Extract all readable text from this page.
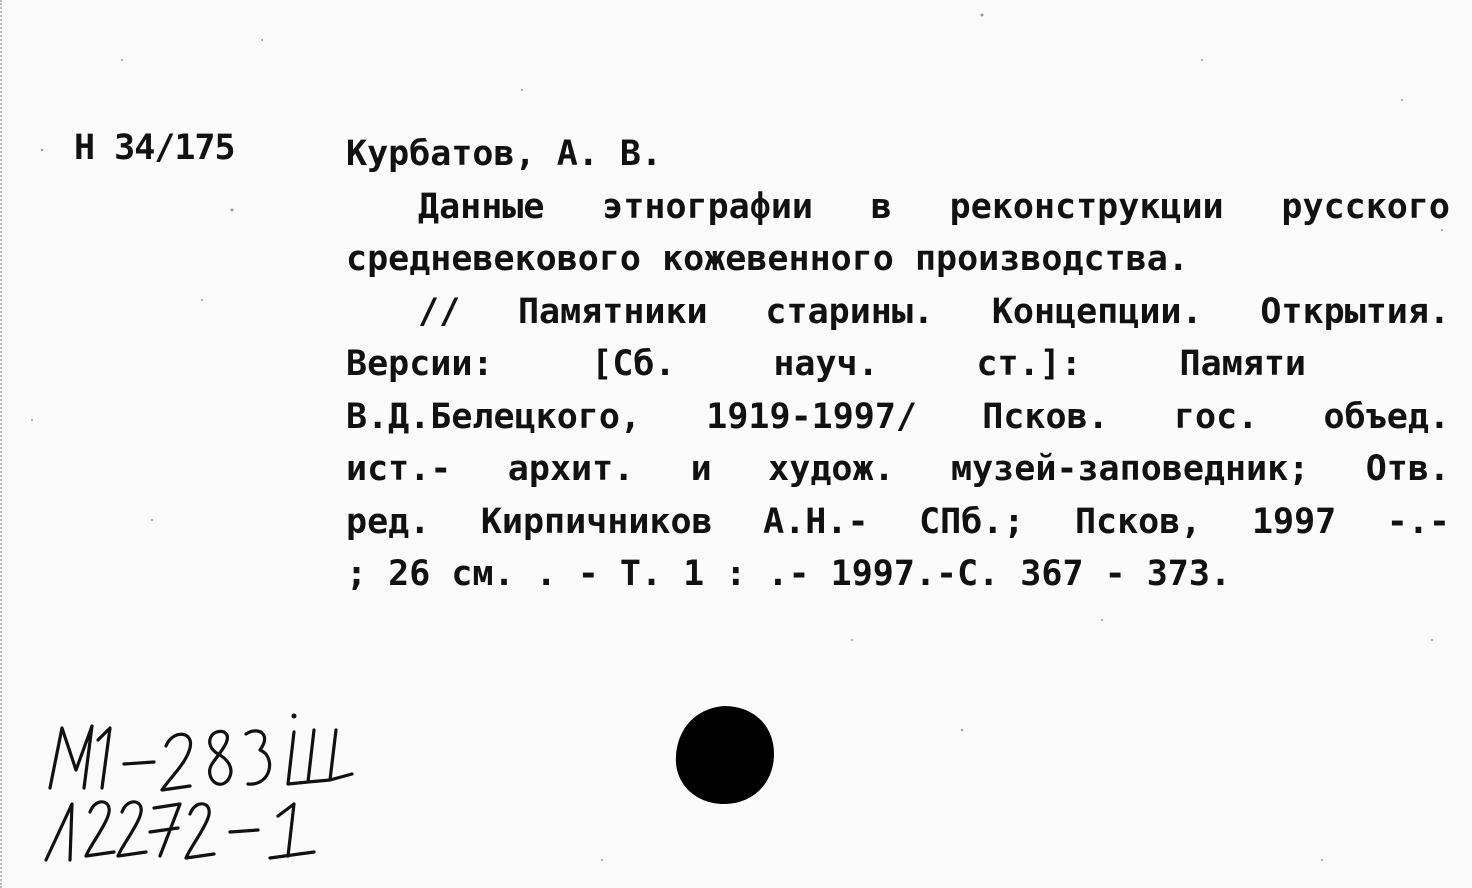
Н 34/175	Курбатов, А. В.
Данные этнографии в реконструкции русского
средневекового кожевенного производства.
// Памятники старины. Концепции. Открытия.
Версии: [Сб. науч. ст.]: Памяти
В.Д.Белецкого, 1919-1997/ Псков. гос. объед.
ист.- архит. и худож. музей-заповедник; Отв.
ред. Кирпичников А.Н.- СПб.; Псков, 1997 -.-
; 26 см. . - Т. 1 : .- 1997.-С. 367 - 373.
